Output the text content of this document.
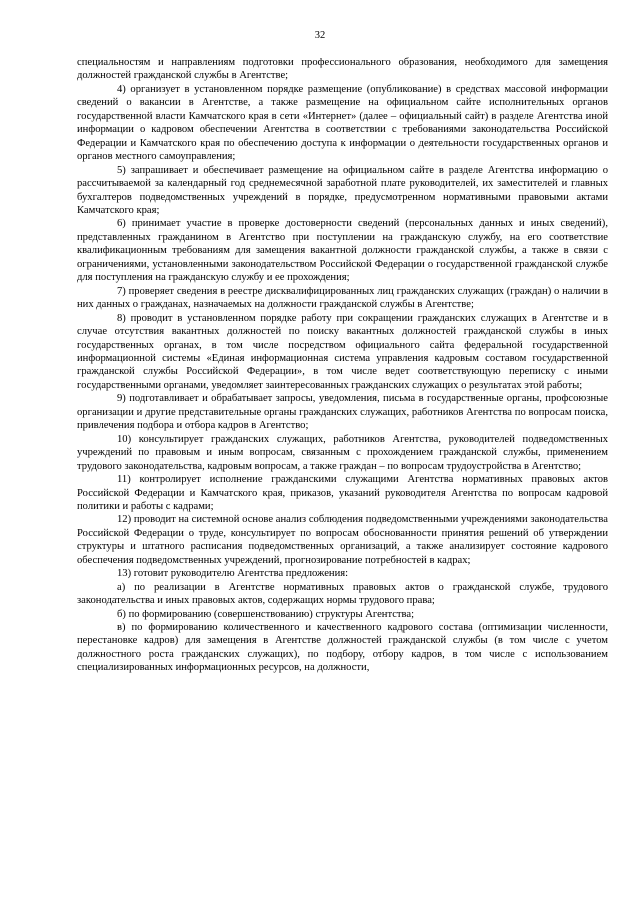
32

специальностям и направлениям подготовки профессионального образования, необходимого для замещения должностей гражданской службы в Агентстве;

4) организует в установленном порядке размещение (опубликование) в средствах массовой информации сведений о вакансии в Агентстве, а также размещение на официальном сайте исполнительных органов государственной власти Камчатского края в сети «Интернет» (далее – официальный сайт) в разделе Агентства иной информации о кадровом обеспечении Агентства в соответствии с требованиями законодательства Российской Федерации и Камчатского края по обеспечению доступа к информации о деятельности государственных органов и органов местного самоуправления;

5) запрашивает и обеспечивает размещение на официальном сайте в разделе Агентства информацию о рассчитываемой за календарный год среднемесячной заработной плате руководителей, их заместителей и главных бухгалтеров подведомственных учреждений в порядке, предусмотренном нормативными правовыми актами Камчатского края;

6) принимает участие в проверке достоверности сведений (персональных данных и иных сведений), представленных гражданином в Агентство при поступлении на гражданскую службу, на его соответствие квалификационным требованиям для замещения вакантной должности гражданской службы, а также в связи с ограничениями, установленными законодательством Российской Федерации о государственной гражданской службе для поступления на гражданскую службу и ее прохождения;

7) проверяет сведения в реестре дисквалифицированных лиц гражданских служащих (граждан) о наличии в них данных о гражданах, назначаемых на должности гражданской службы в Агентстве;

8) проводит в установленном порядке работу при сокращении гражданских служащих в Агентстве и в случае отсутствия вакантных должностей по поиску вакантных должностей гражданской службы в иных государственных органах, в том числе посредством официального сайта федеральной государственной информационной системы «Единая информационная система управления кадровым составом государственной гражданской службы Российской Федерации», в том числе ведет соответствующую переписку с иными государственными органами, уведомляет заинтересованных гражданских служащих о результатах этой работы;

9) подготавливает и обрабатывает запросы, уведомления, письма в государственные органы, профсоюзные организации и другие представительные органы гражданских служащих, работников Агентства по вопросам поиска, привлечения подбора и отбора кадров в Агентство;

10) консультирует гражданских служащих, работников Агентства, руководителей подведомственных учреждений по правовым и иным вопросам, связанным с прохождением гражданской службы, применением трудового законодательства, кадровым вопросам, а также граждан – по вопросам трудоустройства в Агентство;

11) контролирует исполнение гражданскими служащими Агентства нормативных правовых актов Российской Федерации и Камчатского края, приказов, указаний руководителя Агентства по вопросам кадровой политики и работы с кадрами;

12) проводит на системной основе анализ соблюдения подведомственными учреждениями законодательства Российской Федерации о труде, консультирует по вопросам обоснованности принятия решений об утверждении структуры и штатного расписания подведомственных организаций, а также анализирует состояние кадрового обеспечения подведомственных учреждений, прогнозирование потребностей в кадрах;

13) готовит руководителю Агентства предложения:

а) по реализации в Агентстве нормативных правовых актов о гражданской службе, трудового законодательства и иных правовых актов, содержащих нормы трудового права;

б) по формированию (совершенствованию) структуры Агентства;

в) по формированию количественного и качественного кадрового состава (оптимизации численности, перестановке кадров) для замещения в Агентстве должностей гражданской службы (в том числе с учетом должностного роста гражданских служащих), по подбору, отбору кадров, в том числе с использованием специализированных информационных ресурсов, на должности,
